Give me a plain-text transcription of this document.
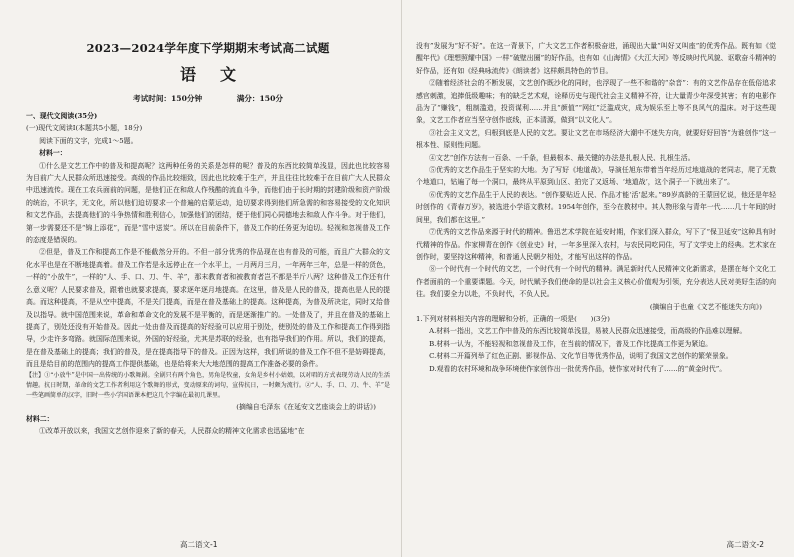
2023—2024学年度下学期期末考试高二试题
语文
考试时间：150分钟	满分：150分

一、现代文阅读(35分)

(一)现代文阅读Ⅰ(本题共5小题，18分)

阅读下面的文字，完成1～5题。

材料一：

①什么是文艺工作中的普及和提高呢？这两种任务的关系是怎样的呢？普及的东西比较简单浅显，因此也比较容易为目前广大人民群众所迅速接受。高级的作品比较细致，因此也比较难于生产，并且往往比较难于在目前广大人民群众中迅速流传。现在工农兵面前的问题，是他们正在和敌人作残酷的流血斗争，而他们由于长时期的封建阶级和资产阶级的统治，不识字，无文化，所以他们迫切要求一个普遍的启蒙运动，迫切要求得到他们所急需的和容易接受的文化知识和文艺作品，去提高他们的斗争热情和胜利信心，加强他们的团结，便于他们同心同德地去和敌人作斗争。对于他们，第一步需要还不是“锦上添花”，而是“雪中送炭”。所以在目前条件下，普及工作的任务更为迫切。轻视和忽视普及工作的态度是错误的。

②但是，普及工作和提高工作是不能截然分开的。不但一部分优秀的作品现在也有普及的可能，而且广大群众的文化水平也是在不断地提高着。普及工作若是永远停止在一个水平上，一月两月三月，一年两年三年，总是一样的货色，一样的“小放牛”，一样的“人、手、口、刀、牛、羊”，那末教育者和被教育者岂不都是半斤八两？这种普及工作还有什么意义呢？人民要求普及，跟着也就要求提高，要求逐年逐月地提高。在这里，普及是人民的普及，提高也是人民的提高。而这种提高，不是从空中提高，不是关门提高，而是在普及基础上的提高。这种提高，为普及所决定，同时又给普及以指导。就中国范围来说，革命和革命文化的发展不是平衡的，而是逐渐推广的。一处普及了，并且在普及的基础上提高了，别处还没有开始普及。因此一处由普及而提高的好经验可以应用于别处，使别处的普及工作和提高工作得到指导，少走许多弯路。就国际范围来说，外国的好经验，尤其是苏联的经验，也有指导我们的作用。所以，我们的提高，是在普及基础上的提高；我们的普及，是在提高指导下的普及。正因为这样，我们所说的普及工作不但不是妨碍提高，而且是给目前的范围内的提高工作提供基础，也是给将来大大地范围的提高工作准备必要的条件。

【注】①“小放牛”是中国一出传统的小歌舞剧。全剧只有两个角色，男角是牧童，女角是乡村小姑娘，以对唱的方式表现劳动人民的生活情趣。抗日时期，革命的文艺工作者利用这个歌舞的形式，变动原来的词句，宣传抗日，一时颇为流行。②“人、手、口、刀、牛、羊”是一些笔画简单的汉字，旧时一些小学国语课本把这几个字编在最初几课里。

(摘编自毛泽东《在延安文艺座谈会上的讲话》)

材料二：

①改革开放以来，我国文艺创作迎来了新的春天，人民群众的精神文化需求也迅猛地“在

没有”发展为“好不好”。在这一背景下，广大文艺工作者积极奋进，涌现出大量“叫好又叫座”的优秀作品。既有如《觉醒年代》《理想照耀中国》一样“破壁出圈”的好作品，也有如《山海情》《大江大河》等反映时代风貌、讴歌奋斗精神的好作品，还有如《经典咏流传》《朗读者》这样颇具特色的节目。

②随着经济社会的不断发展，文艺创作既沙化的同时，也浮现了一些不和谐的“杂音”：有的文艺作品存在低俗追求感官刺激，追捧低级趣味；有的缺乏艺术观，诠释历史与现代社会主义精神不符，让大量青少年深受其害；有的电影作品为了“赚钱”，粗制滥造，投资谋利……并且“颜值”“网红”泛滥成灾，成为娱乐至上等不良风气的温床。对于这些现象，文艺工作者应当坚守创作底线，正本清源，做到“以文化人”。

③社会主义文艺，归根到底是人民的文艺。要让文艺在市场经济大潮中不迷失方向，就要好好回答“为谁创作”这一根本性、原则性问题。

④文艺“创作方法有一百条、一千条，但最根本、最关键的办法是扎根人民、扎根生活。

⑤优秀的文艺作品生于坚实的大地。为了写好《地道战》，导演任旭东带着当年经历过地道战的老同志，爬了无数个地道口，钻遍了每一个洞口，最终从平原到山区、拍完了又返场、‘地道战’，这个洞子一下就出来了”。

⑥优秀的文艺作品生于人民的表达。“创作要贴近人民、作品才能‘活’起来。”89岁高龄的王蒙回忆说，他还是年轻时创作的《青春万岁》，被选进小学语文教材。1954年创作，至今在教材中。其人物形象与青年一代……几十年间的时间里，我们都在这里。”

⑦优秀的文艺作品来源于时代的精神。鲁迅艺术学院在延安时期，作家们深入群众，写下了“保卫延安”这种具有时代精神的作品。作家柳青在创作《创业史》时，一年多里深入农村，与农民同吃同住，写了文学史上的经典。艺术家在创作时，要坚持这种精神，和普通人民朝夕相处，才能写出这样的作品。

⑧一个时代有一个时代的文艺，一个时代有一个时代的精神。满足新时代人民精神文化新需求，是摆在每个文化工作者面前的一个重要课题。今天，时代赋予我们使命的是以社会主义核心价值观为引领，充分表达人民对美好生活的向往。我们要全力以赴，不负时代，不负人民。

(摘编自于也童《文艺不能迷失方向》)

1.下列对材料相关内容的理解和分析，正确的一项是(　　)(3分)

A.材料一指出，文艺工作中普及的东西比较简单浅显，易被人民群众迅速接受，而高级的作品难以理解。

B.材料一认为，不能轻视和忽视普及工作，在当前的情况下，普及工作比提高工作更为紧迫。

C.材料二开篇列举了红色正剧、影视作品、文化节目等优秀作品，说明了我国文艺创作的繁荣景象。

D.观看的农村环境和战争环境使作家创作出一批优秀作品，使作家对时代有了……的“黄金时代”。

高二语文-1	高二语文-2
